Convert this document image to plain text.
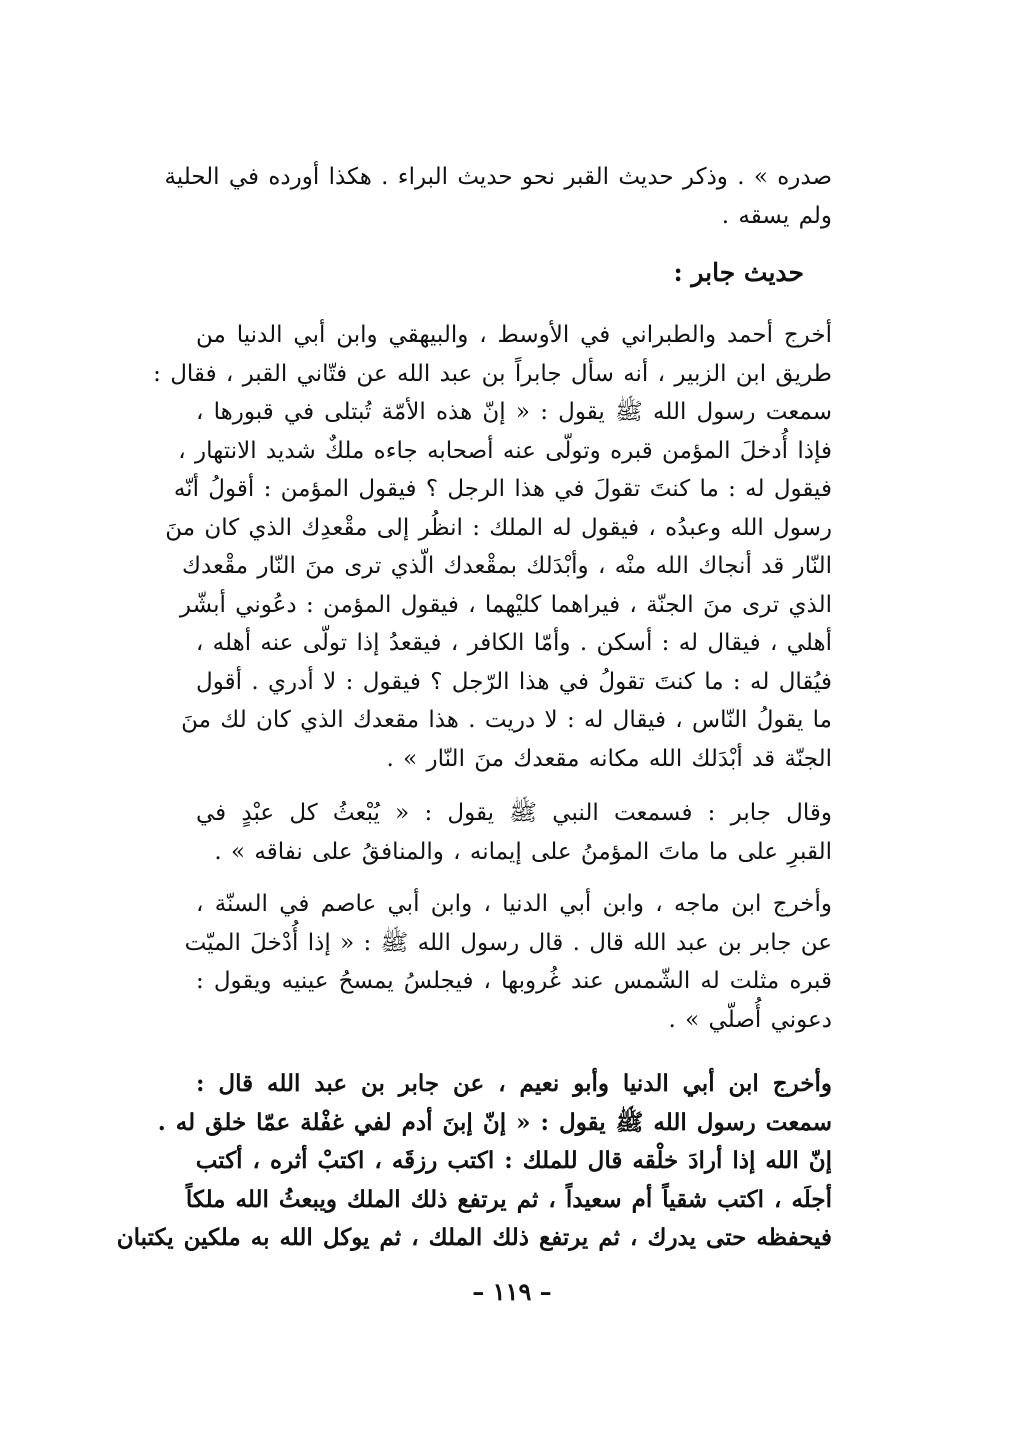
صدره » . وذكر حديث القبر نحو حديث البراء . هكذا أورده في الحلية
ولم يسقه .
حديث جابر :
أخرج أحمد والطبراني في الأوسط ، والبيهقي وابن أبي الدنيا من
طريق ابن الزبير ، أنه سأل جابراً بن عبد الله عن فتّاني القبر ، فقال :
سمعت رسول الله ﷺ يقول : « إنّ هذه الأمّة تُبتلى في قبورها ،
فإذا أُدخلَ المؤمن قبره وتولّى عنه أصحابه جاءه ملكٌ شديد الانتهار ،
فيقول له : ما كنتَ تقولَ في هذا الرجل ؟ فيقول المؤمن : أقولُ أنّه
رسول الله وعبدُه ، فيقول له الملك : انظُر إلى مقْعدِك الذي كان منَ
النّار قد أنجاك الله منْه ، وأبْدَلك بمقْعدك الّذي ترى منَ النّار مقْعدك
الذي ترى منَ الجنّة ، فيراهما كليْهما ، فيقول المؤمن : دعُوني أبشّر
أهلي ، فيقال له : أسكن . وأمّا الكافر ، فيقعدُ إذا تولّى عنه أهله ،
فيُقال له : ما كنتَ تقولُ في هذا الرّجل ؟ فيقول : لا أدري . أقول
ما يقولُ النّاس ، فيقال له : لا دريت . هذا مقعدك الذي كان لك منَ
الجنّة قد أبْدَلك الله مكانه مقعدك منَ النّار » .
وقال جابر : فسمعت النبي ﷺ يقول : « يُبْعثُ كل عبْدٍ في
القبرِ على ما ماتَ المؤمنُ على إيمانه ، والمنافقُ على نفاقه » .
وأخرج ابن ماجه ، وابن أبي الدنيا ، وابن أبي عاصم في السنّة ،
عن جابر بن عبد الله قال . قال رسول الله ﷺ : « إذا أُدْخلَ الميّت
قبره مثلت له الشّمس عند غُروبها ، فيجلسُ يمسحُ عينيه ويقول :
دعوني أُصلّي » .
وأخرج ابن أبي الدنيا وأبو نعيم ، عن جابر بن عبد الله قال :
سمعت رسول الله ﷺ يقول : « إنّ إبنَ أدم لفي غفْلة عمّا خلق له .
إنّ الله إذا أرادَ خلْقه قال للملك : اكتب رزقَه ، اكتبْ أثره ، أكتب
أجلَه ، اكتب شقياً أم سعيداً ، ثم يرتفع ذلك الملك ويبعثُ الله ملكاً
فيحفظه حتى يدرك ، ثم يرتفع ذلك الملك ، ثم يوكل الله به ملكين يكتبان
– ١١٩ –
